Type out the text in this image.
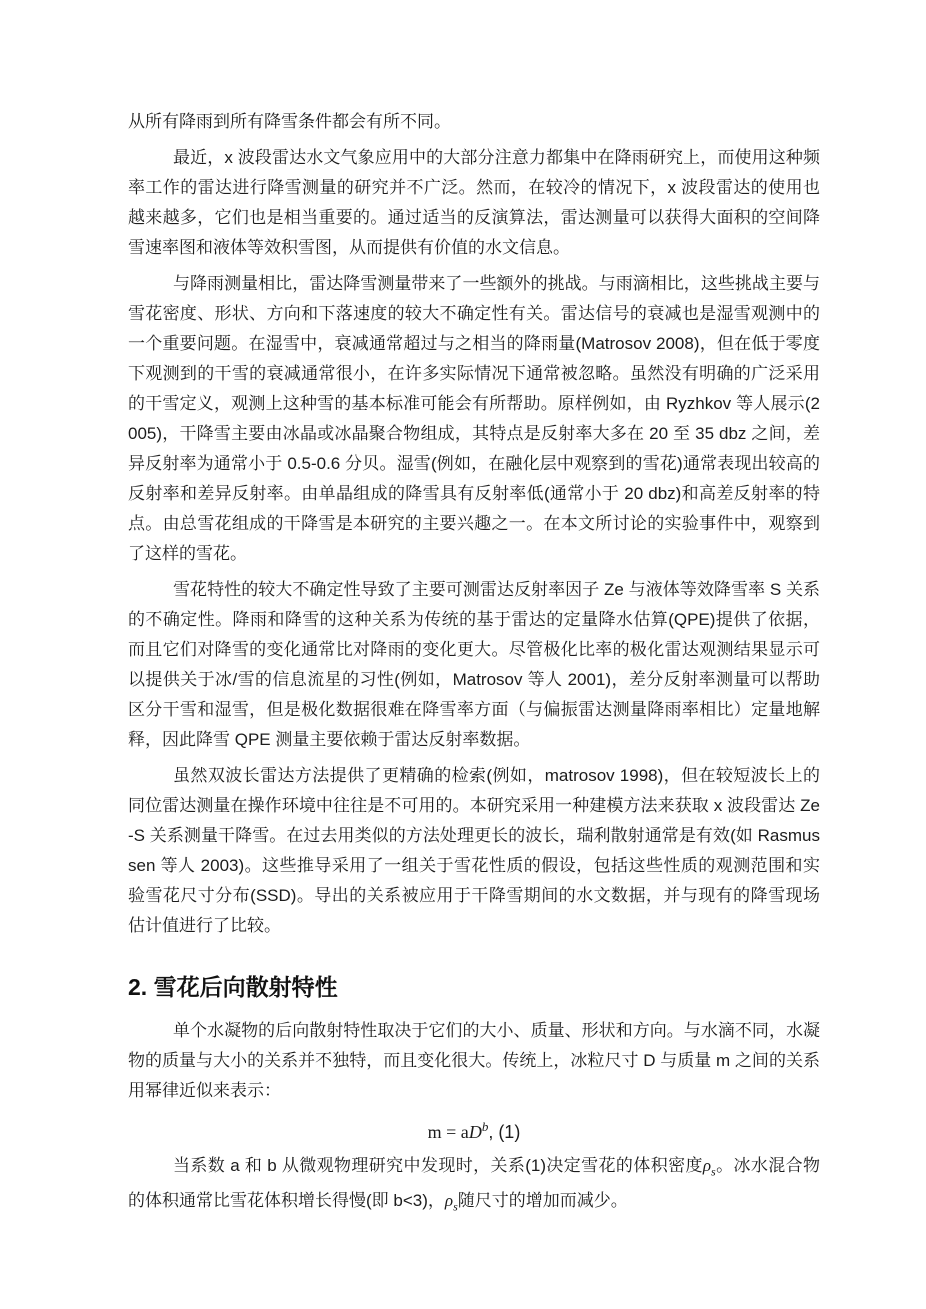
从所有降雨到所有降雪条件都会有所不同。

最近，x 波段雷达水文气象应用中的大部分注意力都集中在降雨研究上，而使用这种频率工作的雷达进行降雪测量的研究并不广泛。然而，在较冷的情况下，x 波段雷达的使用也越来越多，它们也是相当重要的。通过适当的反演算法，雷达测量可以获得大面积的空间降雪速率图和液体等效积雪图，从而提供有价值的水文信息。

与降雨测量相比，雷达降雪测量带来了一些额外的挑战。与雨滴相比，这些挑战主要与雪花密度、形状、方向和下落速度的较大不确定性有关。雷达信号的衰减也是湿雪观测中的一个重要问题。在湿雪中，衰减通常超过与之相当的降雨量(Matrosov 2008)，但在低于零度下观测到的干雪的衰减通常很小，在许多实际情况下通常被忽略。虽然没有明确的广泛采用的干雪定义，观测上这种雪的基本标准可能会有所帮助。原样例如，由 Ryzhkov 等人展示(2005)，干降雪主要由冰晶或冰晶聚合物组成，其特点是反射率大多在 20 至 35 dbz 之间，差异反射率为通常小于 0.5-0.6 分贝。湿雪(例如，在融化层中观察到的雪花)通常表现出较高的反射率和差异反射率。由单晶组成的降雪具有反射率低(通常小于 20 dbz)和高差反射率的特点。由总雪花组成的干降雪是本研究的主要兴趣之一。在本文所讨论的实验事件中，观察到了这样的雪花。

雪花特性的较大不确定性导致了主要可测雷达反射率因子 Ze 与液体等效降雪率 S 关系的不确定性。降雨和降雪的这种关系为传统的基于雷达的定量降水估算(QPE)提供了依据，而且它们对降雪的变化通常比对降雨的变化更大。尽管极化比率的极化雷达观测结果显示可以提供关于冰/雪的信息流星的习性(例如，Matrosov 等人 2001)，差分反射率测量可以帮助区分干雪和湿雪，但是极化数据很难在降雪率方面（与偏振雷达测量降雨率相比）定量地解释，因此降雪 QPE 测量主要依赖于雷达反射率数据。

虽然双波长雷达方法提供了更精确的检索(例如，matrosov 1998)，但在较短波长上的同位雷达测量在操作环境中往往是不可用的。本研究采用一种建模方法来获取 x 波段雷达 Ze-S 关系测量干降雪。在过去用类似的方法处理更长的波长，瑞利散射通常是有效(如 Rasmussen 等人 2003)。这些推导采用了一组关于雪花性质的假设，包括这些性质的观测范围和实验雪花尺寸分布(SSD)。导出的关系被应用于干降雪期间的水文数据，并与现有的降雪现场估计值进行了比较。

2. 雪花后向散射特性

单个水凝物的后向散射特性取决于它们的大小、质量、形状和方向。与水滴不同，水凝物的质量与大小的关系并不独特，而且变化很大。传统上，冰粒尺寸 D 与质量 m 之间的关系用幂律近似来表示：

$m = aD^b$, (1)

当系数 a 和 b 从微观物理研究中发现时，关系(1)决定雪花的体积密度$\rho_s$。冰水混合物的体积通常比雪花体积增长得慢(即 b<3)，$\rho_s$随尺寸的增加而减少。
